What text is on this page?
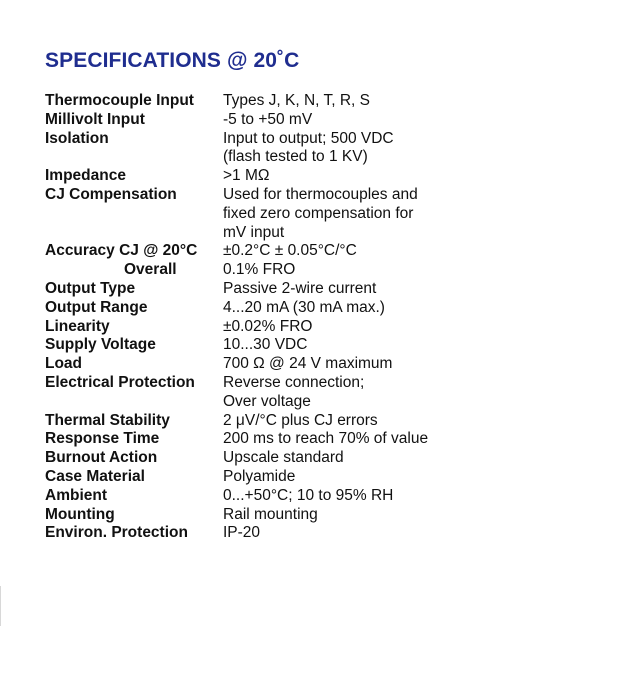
SPECIFICATIONS @ 20˚C
Thermocouple Input	Types J, K, N, T, R, S
Millivolt Input	-5 to +50 mV
Isolation	Input to output; 500 VDC
(flash tested to 1 KV)
Impedance	>1 MΩ
CJ Compensation	Used for thermocouples and
fixed zero compensation for
mV input
Accuracy CJ @ 20°C	±0.2°C ± 0.05°C/°C
Overall	0.1% FRO
Output Type	Passive 2-wire current
Output Range	4...20 mA (30 mA max.)
Linearity	±0.02% FRO
Supply Voltage	10...30 VDC
Load	700 Ω @ 24 V maximum
Electrical Protection	Reverse connection;
Over voltage
Thermal Stability	2 μV/°C plus CJ errors
Response Time	200 ms to reach 70% of value
Burnout Action	Upscale standard
Case Material	Polyamide
Ambient	0...+50°C; 10 to 95% RH
Mounting	Rail mounting
Environ. Protection	IP-20
